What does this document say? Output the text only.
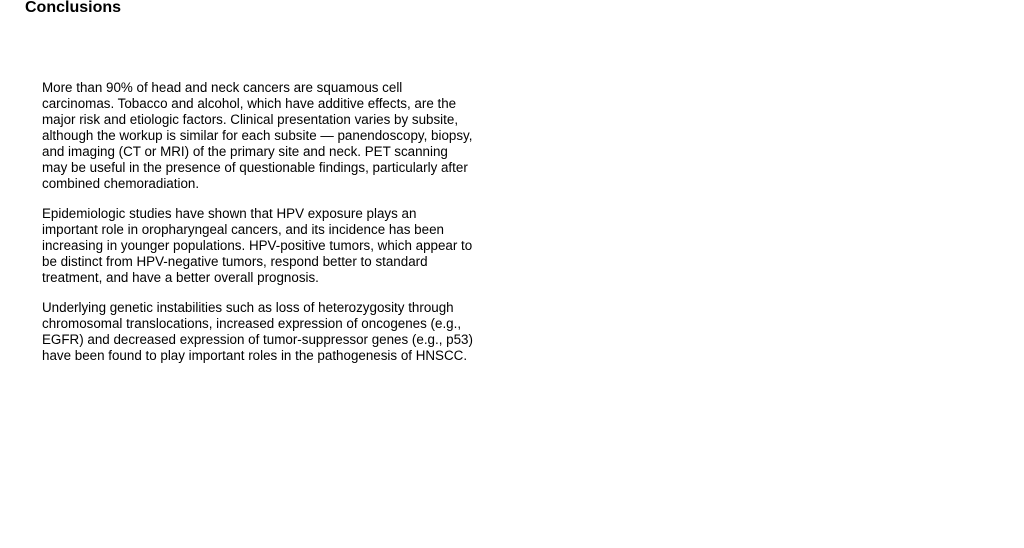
Conclusions

More than 90% of head and neck cancers are squamous cell carcinomas. Tobacco and alcohol, which have additive effects, are the major risk and etiologic factors. Clinical presentation varies by subsite, although the workup is similar for each subsite — panendoscopy, biopsy, and imaging (CT or MRI) of the primary site and neck. PET scanning may be useful in the presence of questionable findings, particularly after combined chemoradiation.

Epidemiologic studies have shown that HPV exposure plays an important role in oropharyngeal cancers, and its incidence has been increasing in younger populations. HPV-positive tumors, which appear to be distinct from HPV-negative tumors, respond better to standard treatment, and have a better overall prognosis.

Underlying genetic instabilities such as loss of heterozygosity through chromosomal translocations, increased expression of oncogenes (e.g., EGFR) and decreased expression of tumor-suppressor genes (e.g., p53) have been found to play important roles in the pathogenesis of HNSCC.
